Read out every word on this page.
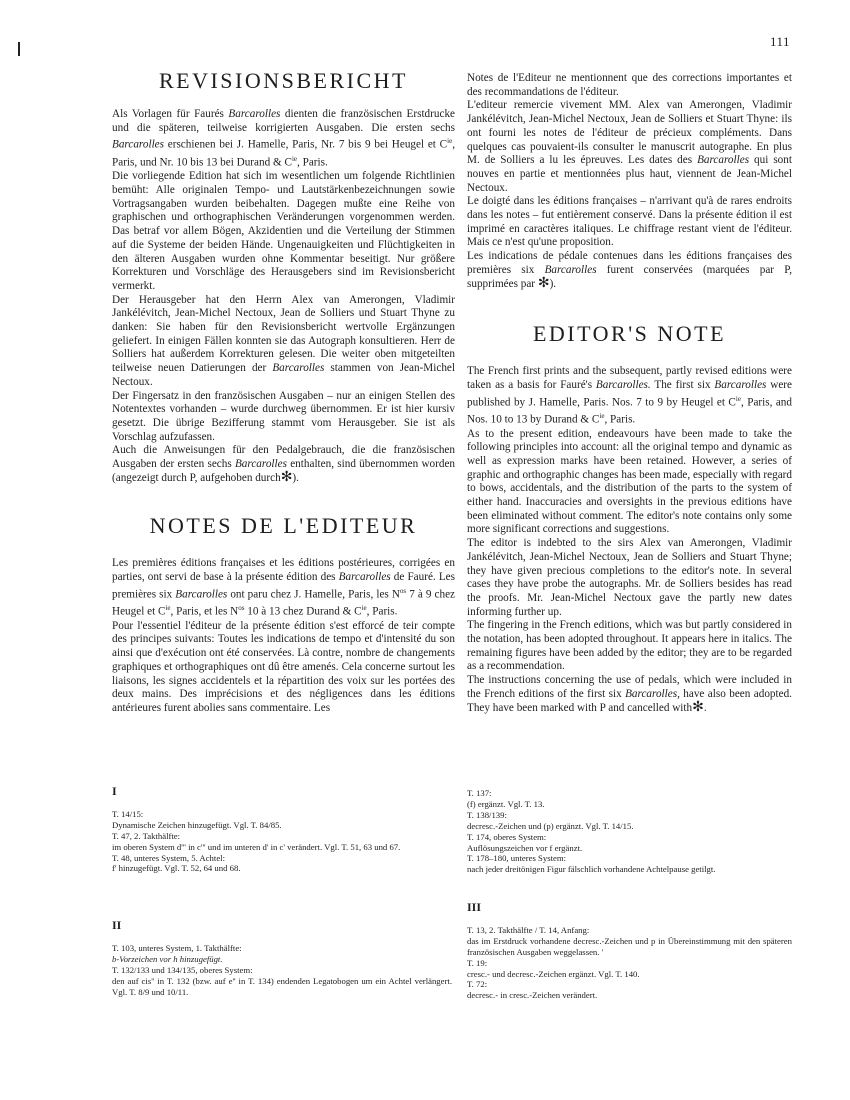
111
REVISIONSBERICHT

Als Vorlagen für Faurés Barcarolles dienten die französischen Erstdrucke und die späteren, teilweise korrigierten Ausgaben. Die ersten sechs Barcarolles erschienen bei J. Hamelle, Paris, Nr. 7 bis 9 bei Heugel et $C^{ie}$, Paris, und Nr. 10 bis 13 bei Durand & $C^{ie}$, Paris.

Die vorliegende Edition hat sich im wesentlichen um folgende Richtlinien bemüht: Alle originalen Tempo- und Lautstärkenbezeichnungen sowie Vortragsangaben wurden beibehalten. Dagegen mußte eine Reihe von graphischen und orthographischen Veränderungen vorgenommen werden. Das betraf vor allem Bögen, Akzidentien und die Verteilung der Stimmen auf die Systeme der beiden Hände. Ungenauigkeiten und Flüchtigkeiten in den älteren Ausgaben wurden ohne Kommentar beseitigt. Nur größere Korrekturen und Vorschläge des Herausgebers sind im Revisionsbericht vermerkt.

Der Herausgeber hat den Herrn Alex van Amerongen, Vladimir Jankélévitch, Jean-Michel Nectoux, Jean de Solliers und Stuart Thyne zu danken: Sie haben für den Revisionsbericht wertvolle Ergänzungen geliefert. In einigen Fällen konnten sie das Autograph konsultieren. Herr de Solliers hat außerdem Korrekturen gelesen. Die weiter oben mitgeteilten teilweise neuen Datierungen der Barcarolles stammen von Jean-Michel Nectoux.

Der Fingersatz in den französischen Ausgaben – nur an einigen Stellen des Notentextes vorhanden – wurde durchweg übernommen. Er ist hier kursiv gesetzt. Die übrige Bezifferung stammt vom Herausgeber. Sie ist als Vorschlag aufzufassen.

Auch die Anweisungen für den Pedalgebrauch, die die französischen Ausgaben der ersten sechs Barcarolles enthalten, sind übernommen worden (angezeigt durch P, aufgehoben durch✻).

NOTES DE L'EDITEUR

Les premières éditions françaises et les éditions postérieures, corrigées en parties, ont servi de base à la présente édition des Barcarolles de Fauré. Les premières six Barcarolles ont paru chez J. Hamelle, Paris, les $N^{os}$ 7 à 9 chez Heugel et $C^{ie}$, Paris, et les $N^{os}$ 10 à 13 chez Durand & $C^{ie}$, Paris.

Pour l'essentiel l'éditeur de la présente édition s'est efforcé de teir compte des principes suivants: Toutes les indications de tempo et d'intensité du son ainsi que d'exécution ont été conservées. Là contre, nombre de changements graphiques et orthographiques ont dû être amenés. Cela concerne surtout les liaisons, les signes accidentels et la répartition des voix sur les portées des deux mains. Des imprécisions et des négligences dans les éditions antérieures furent abolies sans commentaire. Les

Notes de l'Editeur ne mentionnent que des corrections importantes et des recommandations de l'éditeur.

L'editeur remercie vivement MM. Alex van Amerongen, Vladimir Jankélévitch, Jean-Michel Nectoux, Jean de Solliers et Stuart Thyne: ils ont fourni les notes de l'éditeur de précieux compléments. Dans quelques cas pouvaient-ils consulter le manuscrit autographe. En plus M. de Solliers a lu les épreuves. Les dates des Barcarolles qui sont nouves en partie et mentionnées plus haut, viennent de Jean-Michel Nectoux.

Le doigté dans les éditions françaises – n'arrivant qu'à de rares endroits dans les notes – fut entièrement conservé. Dans la présente édition il est imprimé en caractères italiques. Le chiffrage restant vient de l'éditeur. Mais ce n'est qu'une proposition.

Les indications de pédale contenues dans les éditions françaises des premières six Barcarolles furent conservées (marquées par P, supprimées par ✻).

EDITOR'S NOTE

The French first prints and the subsequent, partly revised editions were taken as a basis for Fauré's Barcarolles. The first six Barcarolles were published by J. Hamelle, Paris. Nos. 7 to 9 by Heugel et $C^{ie}$, Paris, and Nos. 10 to 13 by Durand & $C^{ie}$, Paris.

As to the present edition, endeavours have been made to take the following principles into account: all the original tempo and dynamic as well as expression marks have been retained. However, a series of graphic and orthographic changes has been made, especially with regard to bows, accidentals, and the distribution of the parts to the system of either hand. Inaccuracies and oversights in the previous editions have been eliminated without comment. The editor's note contains only some more significant corrections and suggestions.

The editor is indebted to the sirs Alex van Amerongen, Vladimir Jankélévitch, Jean-Michel Nectoux, Jean de Solliers and Stuart Thyne; they have given precious completions to the editor's note. In several cases they have probe the autographs. Mr. de Solliers besides has read the proofs. Mr. Jean-Michel Nectoux gave the partly new dates informing further up.

The fingering in the French editions, which was but partly considered in the notation, has been adopted throughout. It appears here in italics. The remaining figures have been added by the editor; they are to be regarded as a recommendation.

The instructions concerning the use of pedals, which were included in the French editions of the first six Barcarolles, have also been adopted. They have been marked with P and cancelled with✻.

I
T. 14/15:
Dynamische Zeichen hinzugefügt. Vgl. T. 84/85.
T. 47, 2. Takthälfte:
im oberen System d''' in c''' und im unteren d' in c' verändert. Vgl. T. 51, 63 und 67.
T. 48, unteres System, 5. Achtel:
f' hinzugefügt. Vgl. T. 52, 64 und 68.
T. 137:
(f) ergänzt. Vgl. T. 13.
T. 138/139:
decresc.-Zeichen und (p) ergänzt. Vgl. T. 14/15.
T. 174, oberes System:
Auflösungszeichen vor f ergänzt.
T. 178–180, unteres System:
nach jeder dreitönigen Figur fälschlich vorhandene Achtelpause getilgt.
II
T. 103, unteres System, 1. Takthälfte:
b-Vorzeichen vor h hinzugefügt.
T. 132/133 und 134/135, oberes System:
den auf cis'' in T. 132 (bzw. auf e'' in T. 134) endenden Legatobogen um ein Achtel verlängert. Vgl. T. 8/9 und 10/11.
III
T. 13, 2. Takthälfte / T. 14, Anfang:
das im Erstdruck vorhandene decresc.-Zeichen und p in Übereinstimmung mit den späteren französischen Ausgaben weggelassen. '
T. 19:
cresc.- und decresc.-Zeichen ergänzt. Vgl. T. 140.
T. 72:
decresc.- in cresc.-Zeichen verändert.
